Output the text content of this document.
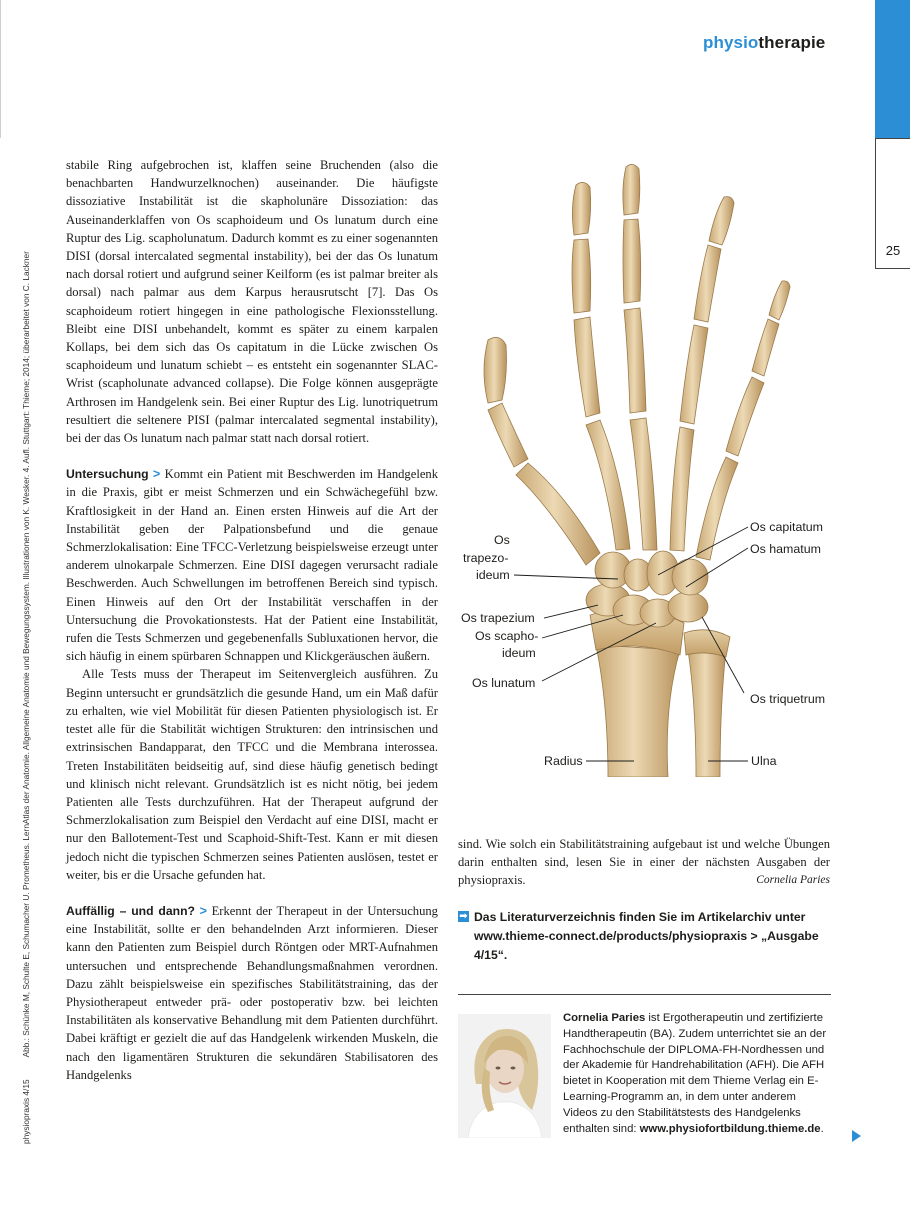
25
physiotherapie
physiopraxis 4/15Abb.: Schünke M, Schulte E, Schumacher U. Prometheus. LernAtlas der Anatomie. Allgemeine Anatomie und Bewegungssystem. Illustrationen von K. Wesker. 4. Aufl. Stuttgart: Thieme; 2014; überarbeitet von C. Lackner

stabile Ring aufgebrochen ist, klaffen seine Bruchenden (also die benachbarten Handwurzelknochen) auseinander. Die häufigste dissoziative Instabilität ist die skapholunäre Dissoziation: das Auseinanderklaffen von Os scaphoideum und Os lunatum durch eine Ruptur des Lig. scapholunatum. Dadurch kommt es zu einer sogenannten DISI (dorsal intercalated segmental instability), bei der das Os lunatum nach dorsal rotiert und aufgrund seiner Keilform (es ist palmar breiter als dorsal) nach palmar aus dem Karpus herausrutscht [7]. Das Os scaphoideum rotiert hingegen in eine pathologische Flexionsstellung. Bleibt eine DISI unbehandelt, kommt es später zu einem karpalen Kollaps, bei dem sich das Os capitatum in die Lücke zwischen Os scaphoideum und lunatum schiebt – es entsteht ein sogenannter SLAC-Wrist (scapholunate advanced collapse). Die Folge können ausgeprägte Arthrosen im Handgelenk sein. Bei einer Ruptur des Lig. lunotriquetrum resultiert die seltenere PISI (palmar intercalated segmental instability), bei der das Os lunatum nach palmar statt nach dorsal rotiert.

Untersuchung > Kommt ein Patient mit Beschwerden im Handgelenk in die Praxis, gibt er meist Schmerzen und ein Schwächegefühl bzw. Kraftlosigkeit in der Hand an. Einen ersten Hinweis auf die Art der Instabilität geben der Palpationsbefund und die genaue Schmerzlokalisation: Eine TFCC-Verletzung beispielsweise erzeugt unter anderem ulnokarpale Schmerzen. Eine DISI dagegen verursacht radiale Beschwerden. Auch Schwellungen im betroffenen Bereich sind typisch. Einen Hinweis auf den Ort der Instabilität verschaffen in der Untersuchung die Provokationstests. Hat der Patient eine Instabilität, rufen die Tests Schmerzen und gegebenenfalls Subluxationen hervor, die sich häufig in einem spürbaren Schnappen und Klickgeräuschen äußern.

Alle Tests muss der Therapeut im Seitenvergleich ausführen. Zu Beginn untersucht er grundsätzlich die gesunde Hand, um ein Maß dafür zu erhalten, wie viel Mobilität für diesen Patienten physiologisch ist. Er testet alle für die Stabilität wichtigen Strukturen: den intrinsischen und extrinsischen Bandapparat, den TFCC und die Membrana interossea. Treten Instabilitäten beidseitig auf, sind diese häufig genetisch bedingt und klinisch nicht relevant. Grundsätzlich ist es nicht nötig, bei jedem Patienten alle Tests durchzuführen. Hat der Therapeut aufgrund der Schmerzlokalisation zum Beispiel den Verdacht auf eine DISI, macht er nur den Ballotement-Test und Scaphoid-Shift-Test. Kann er mit diesen jedoch nicht die typischen Schmerzen seines Patienten auslösen, testet er weiter, bis er die Ursache gefunden hat.

Auffällig – und dann? > Erkennt der Therapeut in der Untersuchung eine Instabilität, sollte er den behandelnden Arzt informieren. Dieser kann den Patienten zum Beispiel durch Röntgen oder MRT-Aufnahmen untersuchen und entsprechende Behandlungsmaßnahmen verordnen. Dazu zählt beispielsweise ein spezifisches Stabilitätstraining, das der Physiotherapeut entweder prä- oder postoperativ bzw. bei leichten Instabilitäten als konservative Behandlung mit dem Patienten durchführt. Dabei kräftigt er gezielt die auf das Handgelenk wirkenden Muskeln, die nach den ligamentären Strukturen die sekundären Stabilisatoren des Handgelenks

Os
trapezo-
ideum
Os trapezium
Os scapho-
ideum
Os lunatum
Radius
Os capitatum
Os hamatum
Os triquetrum
Ulna

sind. Wie solch ein Stabilitätstraining aufgebaut ist und welche Übungen darin enthalten sind, lesen Sie in einer der nächsten Ausgaben der physiopraxis.	Cornelia Paries

➡ Das Literaturverzeichnis finden Sie im Artikelarchiv unter www.thieme-connect.de/products/physiopraxis > „Ausgabe 4/15“.
Cornelia Paries ist Ergotherapeutin und zertifizierte Handtherapeutin (BA). Zudem unterrichtet sie an der Fachhochschule der DIPLOMA-FH-Nordhessen und der Akademie für Handrehabilitation (AFH). Die AFH bietet in Kooperation mit dem Thieme Verlag ein E-Learning-Programm an, in dem unter anderem Videos zu den Stabilitätstests des Handgelenks enthalten sind: www.physiofortbildung.thieme.de.
